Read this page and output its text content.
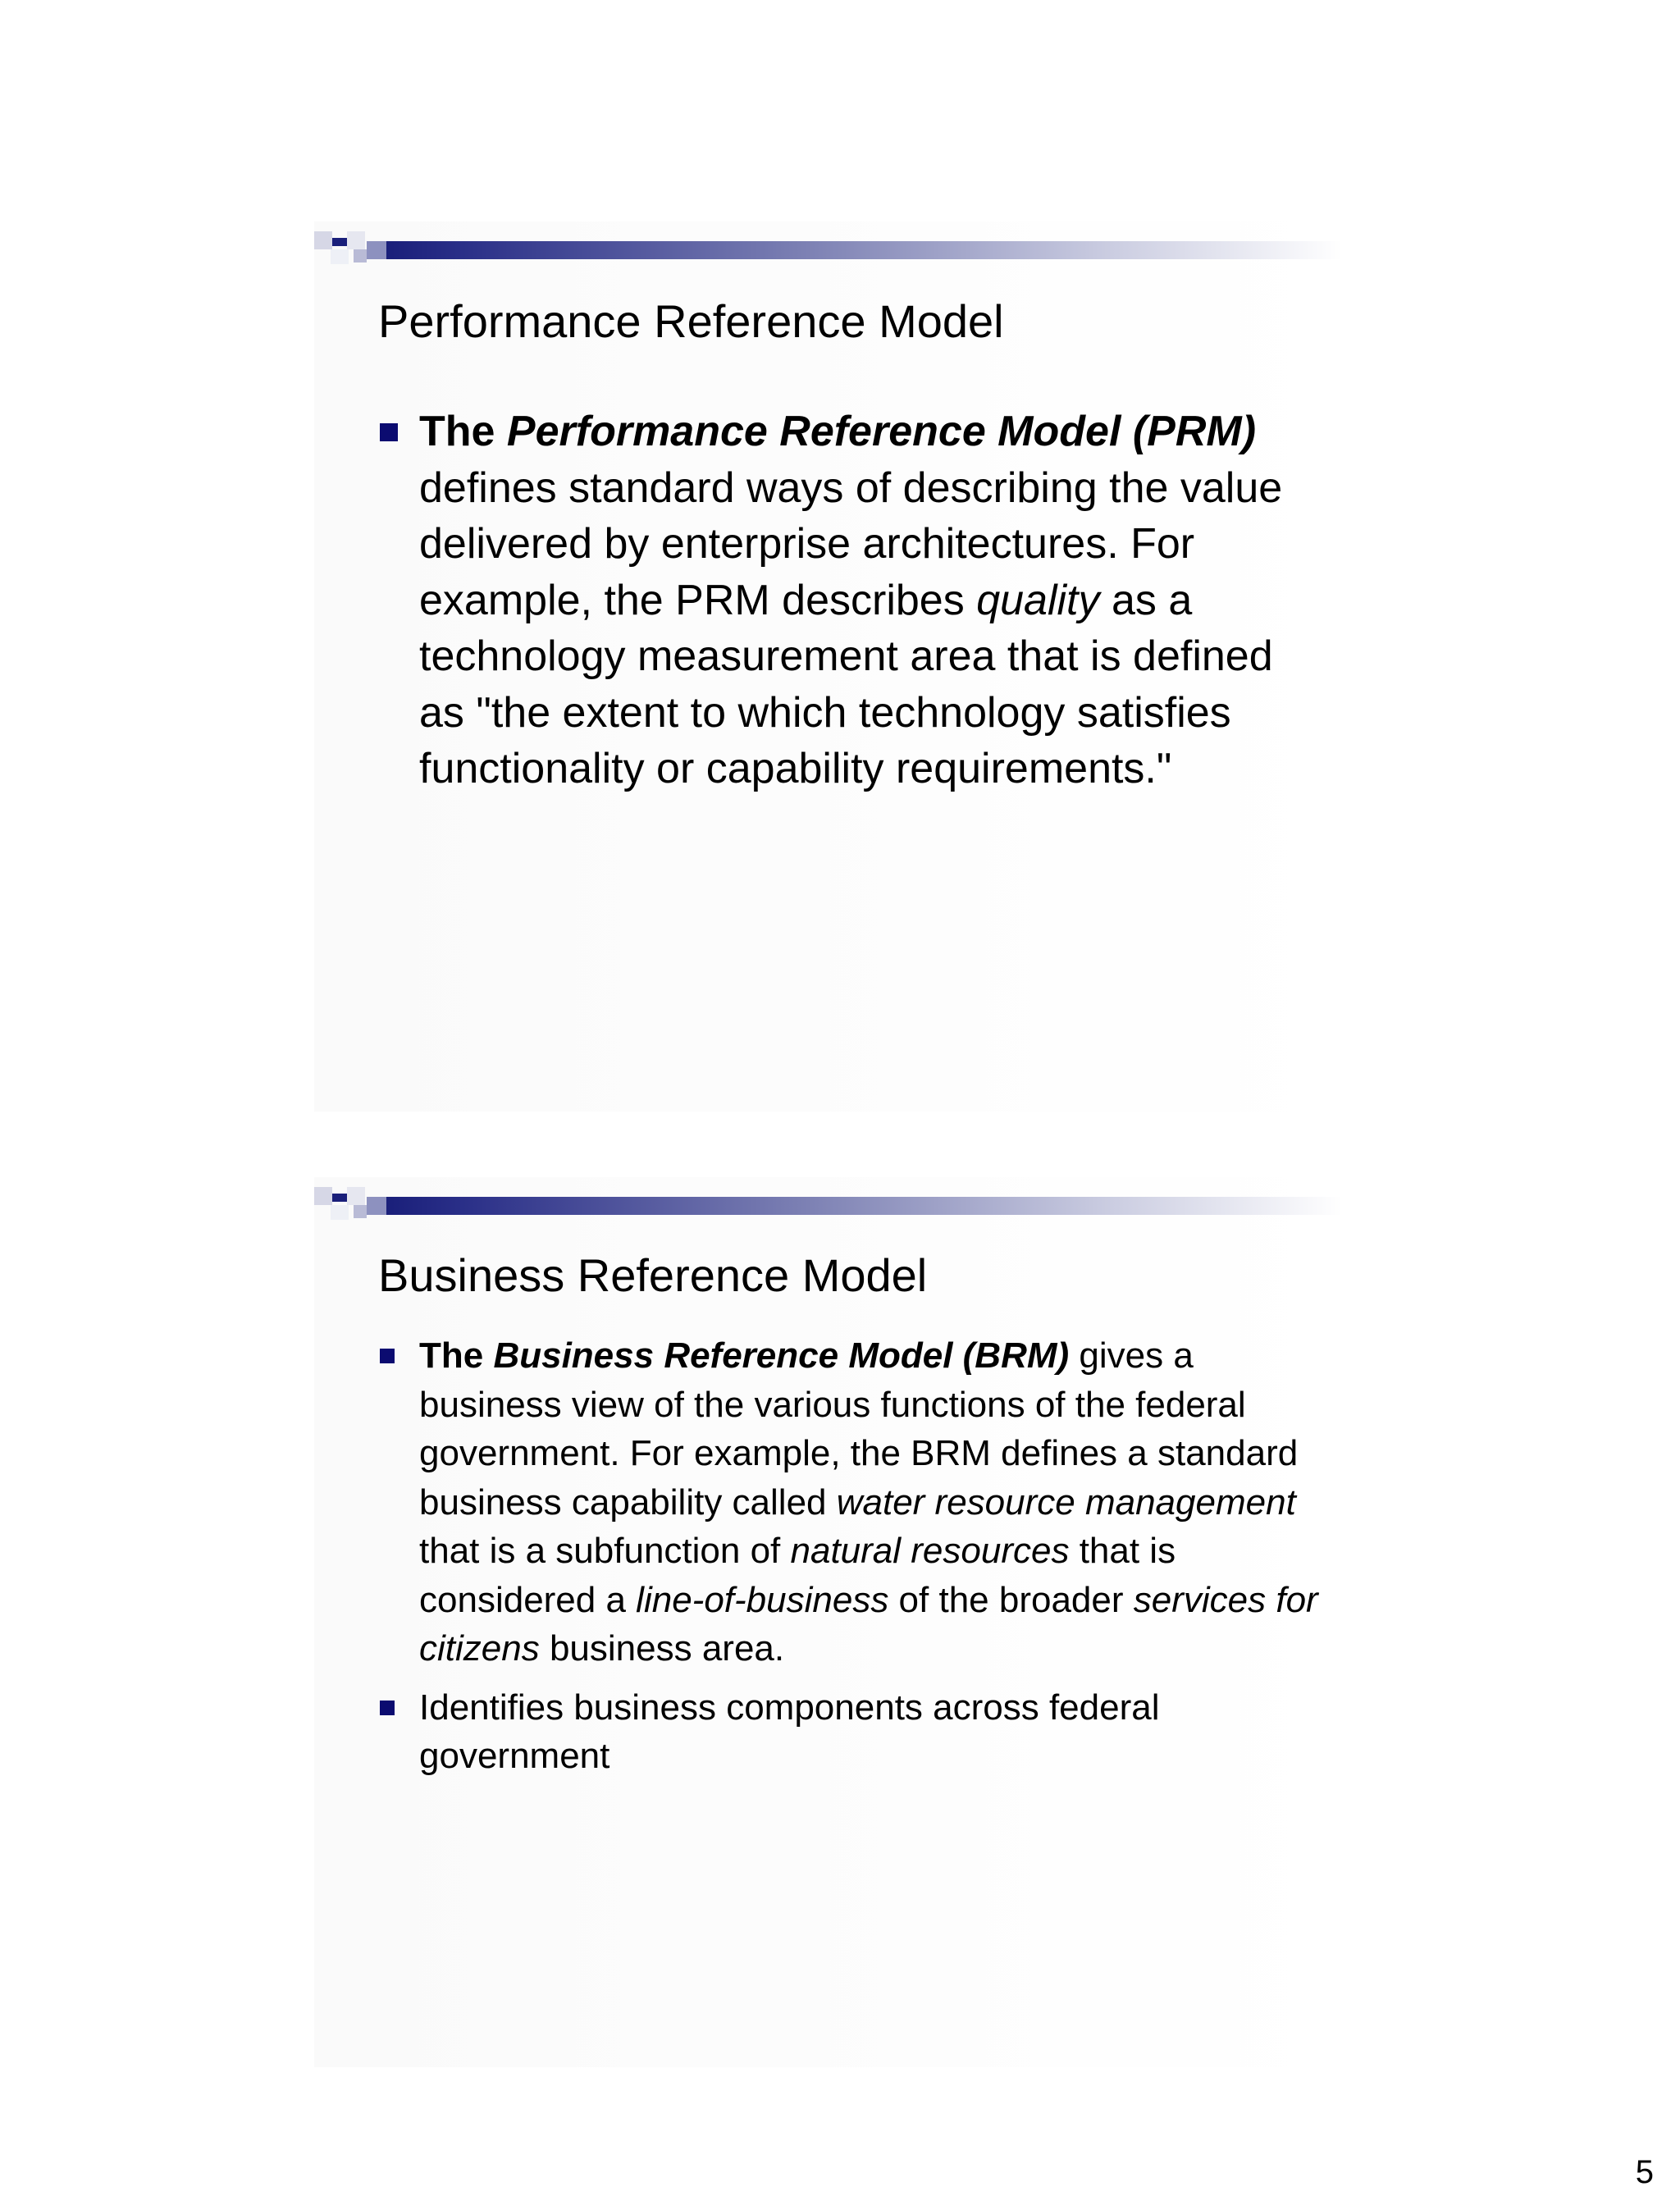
Performance Reference Model
The Performance Reference Model (PRM) defines standard ways of describing the value delivered by enterprise architectures. For example, the PRM describes quality as a technology measurement area that is defined as "the extent to which technology satisfies functionality or capability requirements."
Business Reference Model
The Business Reference Model (BRM) gives a business view of the various functions of the federal government. For example, the BRM defines a standard business capability called water resource management that is a subfunction of natural resources that is considered a line-of-business of the broader services for citizens business area.
Identifies business components across federal government
5
